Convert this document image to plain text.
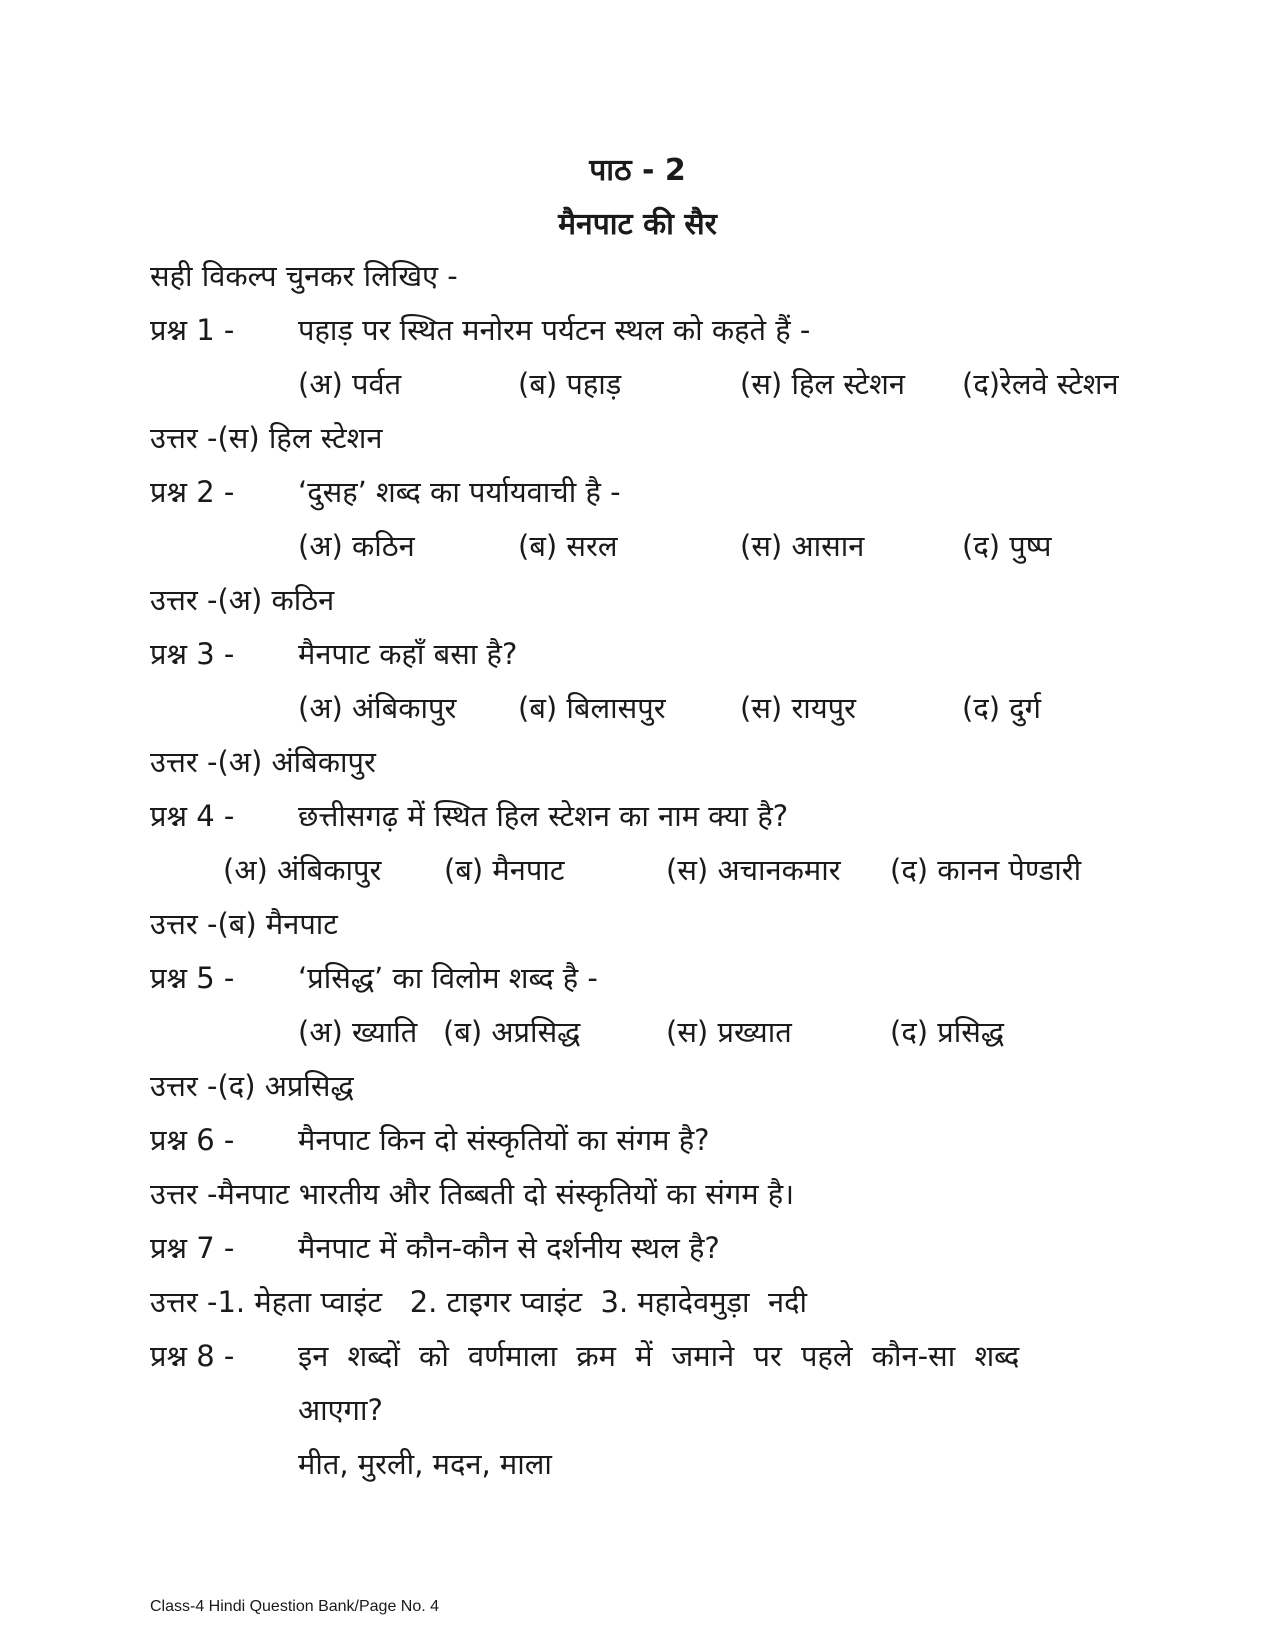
पाठ - 2
मैनपाट की सैर
सही विकल्प चुनकर लिखिए -
प्रश्न 1 - पहाड़ पर स्थित मनोरम पर्यटन स्थल को कहते हैं -
(अ) पर्वत	(ब) पहाड़	(स) हिल स्टेशन (द)रेलवे स्टेशन
उत्तर -(स) हिल स्टेशन
प्रश्न 2 - ‘दुसह’ शब्द का पर्यायवाची है -
(अ) कठिन	(ब) सरल	(स) आसान	(द) पुष्प
उत्तर -(अ) कठिन
प्रश्न 3 - मैनपाट कहाँ बसा है?
(अ) अंबिकापुर (ब) बिलासपुर	(स) रायपुर	(द) दुर्ग
उत्तर -(अ) अंबिकापुर
प्रश्न 4 - छत्तीसगढ़ में स्थित हिल स्टेशन का नाम क्या है?
(अ) अंबिकापुर (ब) मैनपाट	(स) अचानकमार (द) कानन पेण्डारी
उत्तर -(ब) मैनपाट
प्रश्न 5 - ‘प्रसिद्ध’ का विलोम शब्द है -
(अ) ख्याति (ब) अप्रसिद्ध	(स) प्रख्यात	(द) प्रसिद्ध
उत्तर -(द) अप्रसिद्ध
प्रश्न 6 - मैनपाट किन दो संस्कृतियों का संगम है?
उत्तर -मैनपाट भारतीय और तिब्बती दो संस्कृतियों का संगम है।
प्रश्न 7 - मैनपाट में कौन-कौन से दर्शनीय स्थल है?
उत्तर -1. मेहता प्वाइंट   2. टाइगर प्वाइंट  3. महादेवमुड़ा  नदी
प्रश्न 8 - इन शब्दों को वर्णमाला क्रम में जमाने पर पहले कौन-सा शब्द
आएगा?
मीत, मुरली, मदन, माला
Class-4 Hindi Question Bank/Page No. 4
